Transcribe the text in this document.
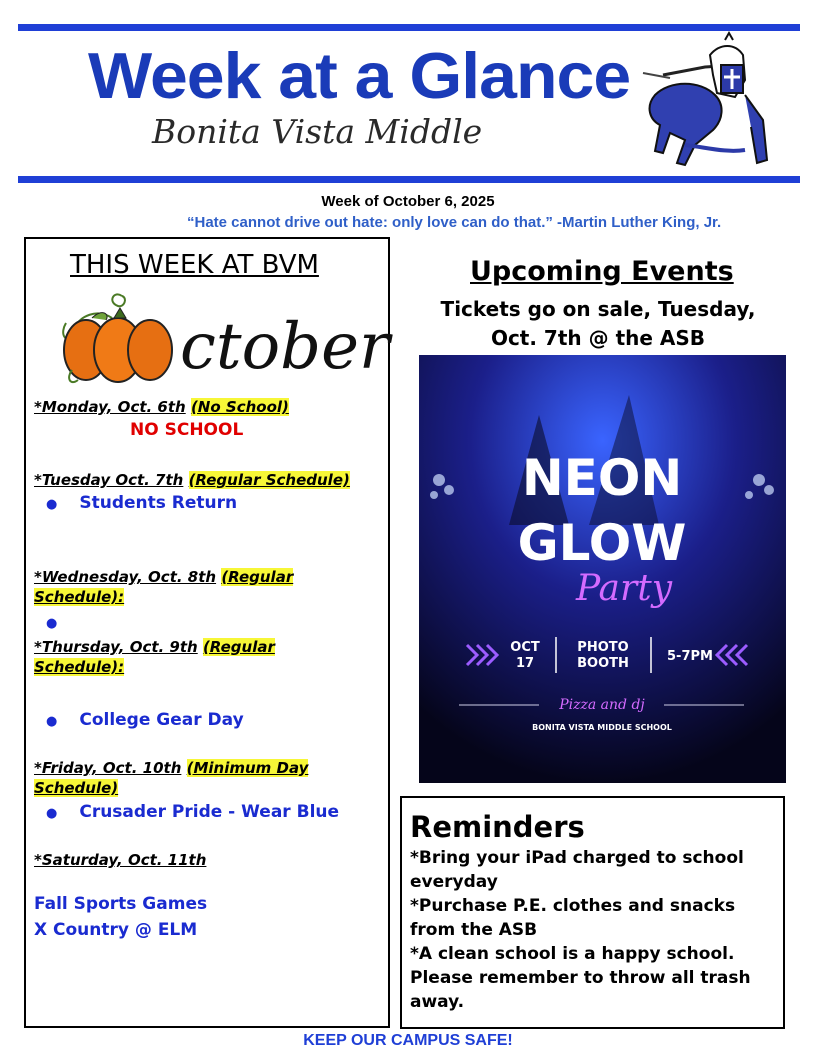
Week at a Glance
Bonita Vista Middle
Week of October 6, 2025
“Hate cannot drive out hate: only love can do that.” -Martin Luther King, Jr.
THIS WEEK AT BVM
ctober
*Monday, Oct. 6th (No School)
NO SCHOOL
*Tuesday Oct. 7th (Regular Schedule)
● Students Return
*Wednesday, Oct. 8th (Regular Schedule):
●
*Thursday, Oct. 9th (Regular Schedule):
● College Gear Day
*Friday, Oct. 10th (Minimum Day Schedule)
● Crusader Pride - Wear Blue
*Saturday, Oct. 11th
Fall Sports Games
X Country @ ELM
Upcoming Events
Tickets go on sale, Tuesday,
Oct. 7th @ the ASB
NEON
GLOW
Party
OCT
17
PHOTO
BOOTH	5-7PM
Pizza and dj
BONITA VISTA MIDDLE SCHOOL
Reminders
*Bring your iPad charged to school everyday
*Purchase P.E. clothes and snacks from the ASB
*A clean school is a happy school. Please remember to throw all trash away.
KEEP OUR CAMPUS SAFE!
